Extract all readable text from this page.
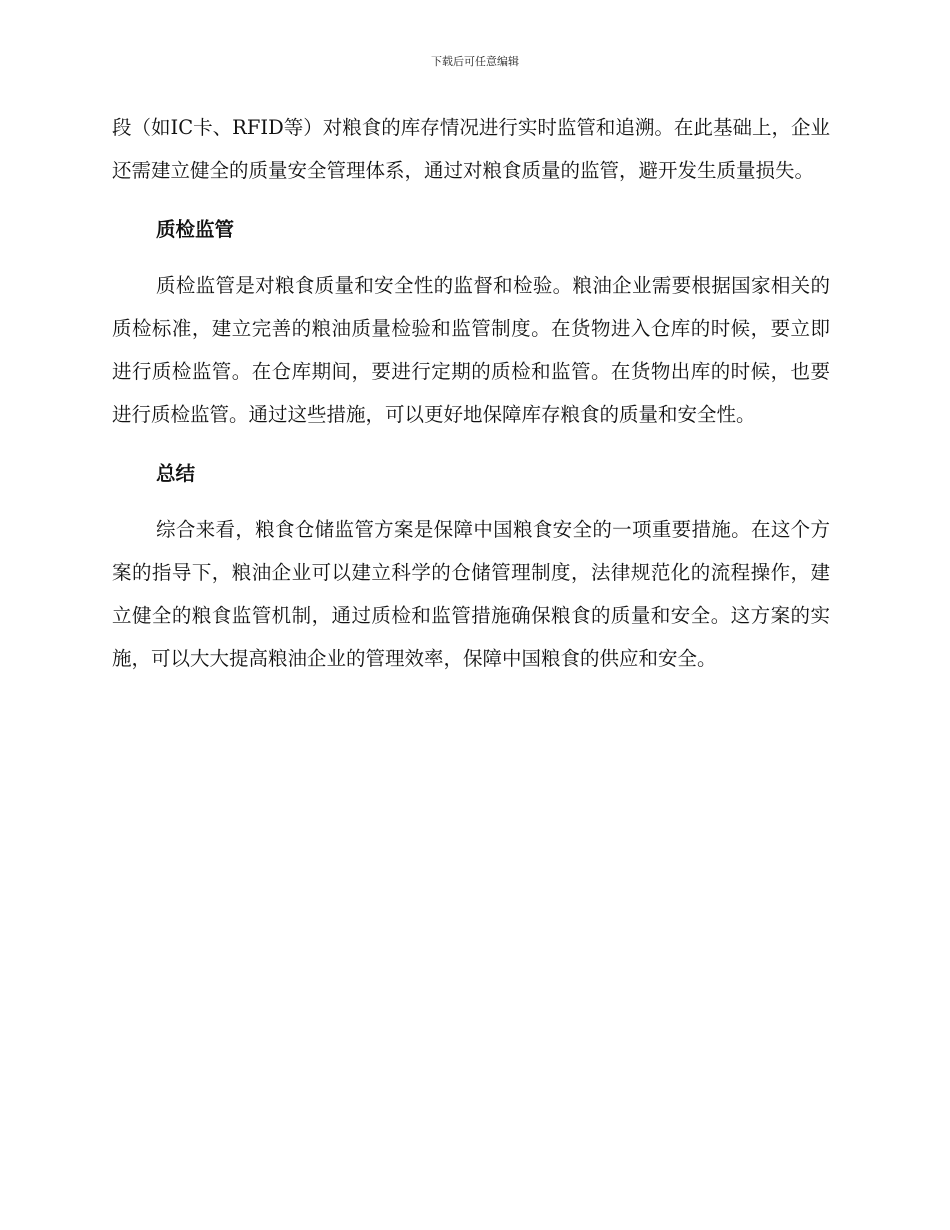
下载后可任意编辑

段（如IC卡、RFID等）对粮食的库存情况进行实时监管和追溯。在此基础上，企业还需建立健全的质量安全管理体系，通过对粮食质量的监管，避开发生质量损失。

质检监管

质检监管是对粮食质量和安全性的监督和检验。粮油企业需要根据国家相关的质检标准，建立完善的粮油质量检验和监管制度。在货物进入仓库的时候，要立即进行质检监管。在仓库期间，要进行定期的质检和监管。在货物出库的时候，也要进行质检监管。通过这些措施，可以更好地保障库存粮食的质量和安全性。

总结

综合来看，粮食仓储监管方案是保障中国粮食安全的一项重要措施。在这个方案的指导下，粮油企业可以建立科学的仓储管理制度，法律规范化的流程操作，建立健全的粮食监管机制，通过质检和监管措施确保粮食的质量和安全。这方案的实施，可以大大提高粮油企业的管理效率，保障中国粮食的供应和安全。
